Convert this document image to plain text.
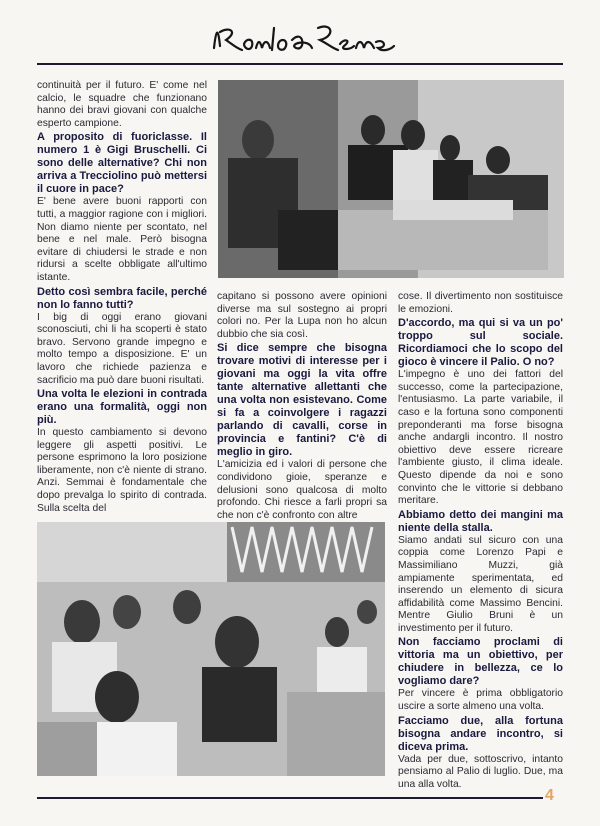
continuità per il futuro. E' come nel calcio, le squadre che funzionano hanno dei bravi giovani con qualche esperto campione.

A proposito di fuoriclasse. Il numero 1 è Gigi Bruschelli. Ci sono delle alternative? Chi non arriva a Trecciolino può mettersi il cuore in pace?

E' bene avere buoni rapporti con tutti, a maggior ragione con i migliori. Non diamo niente per scontato, nel bene e nel male. Però bisogna evitare di chiudersi le strade e non ridursi a scelte obbligate all'ultimo istante.

Detto così sembra facile, perché non lo fanno tutti?

I big di oggi erano giovani sconosciuti, chi li ha scoperti è stato bravo. Servono grande impegno e molto tempo a disposizione. E' un lavoro che richiede pazienza e sacrificio ma può dare buoni risultati.

Una volta le elezioni in contrada erano una formalità, oggi non più.

In questo cambiamento si devono leggere gli aspetti positivi. Le persone esprimono la loro posizione liberamente, non c'è niente di strano. Anzi. Semmai è fondamentale che dopo prevalga lo spirito di contrada. Sulla scelta del

capitano si possono avere opinioni diverse ma sul sostegno ai propri colori no. Per la Lupa non ho alcun dubbio che sia così.

Si dice sempre che bisogna trovare motivi di interesse per i giovani ma oggi la vita offre tante alternative allettanti che una volta non esistevano. Come si fa a coinvolgere i ragazzi parlando di cavalli, corse in provincia e fantini? C'è di meglio in giro.

L'amicizia ed i valori di persone che condividono gioie, speranze e delusioni sono qualcosa di molto profondo. Chi riesce a farli propri sa che non c'è confronto con altre

cose. Il divertimento non sostituisce le emozioni.

D'accordo, ma qui si va un po' troppo sul sociale. Ricordiamoci che lo scopo del gioco è vincere il Palio. O no?

L'impegno è uno dei fattori del successo, come la partecipazione, l'entusiasmo. La parte variabile, il caso e la fortuna sono componenti preponderanti ma forse bisogna anche andargli incontro. Il nostro obiettivo deve essere ricreare l'ambiente giusto, il clima ideale. Questo dipende da noi e sono convinto che le vittorie si debbano meritare.

Abbiamo detto dei mangini ma niente della stalla.

Siamo andati sul sicuro con una coppia come Lorenzo Papi e Massimiliano Muzzi, già ampiamente sperimentata, ed inserendo un elemento di sicura affidabilità come Massimo Bencini. Mentre Giulio Bruni è un investimento per il futuro.

Non facciamo proclami di vittoria ma un obiettivo, per chiudere in bellezza, ce lo vogliamo dare?

Per vincere è prima obbligatorio uscire a sorte almeno una volta.

Facciamo due, alla fortuna bisogna andare incontro, si diceva prima.

Vada per due, sottoscrivo, intanto pensiamo al Palio di luglio. Due, ma una alla volta.

4
